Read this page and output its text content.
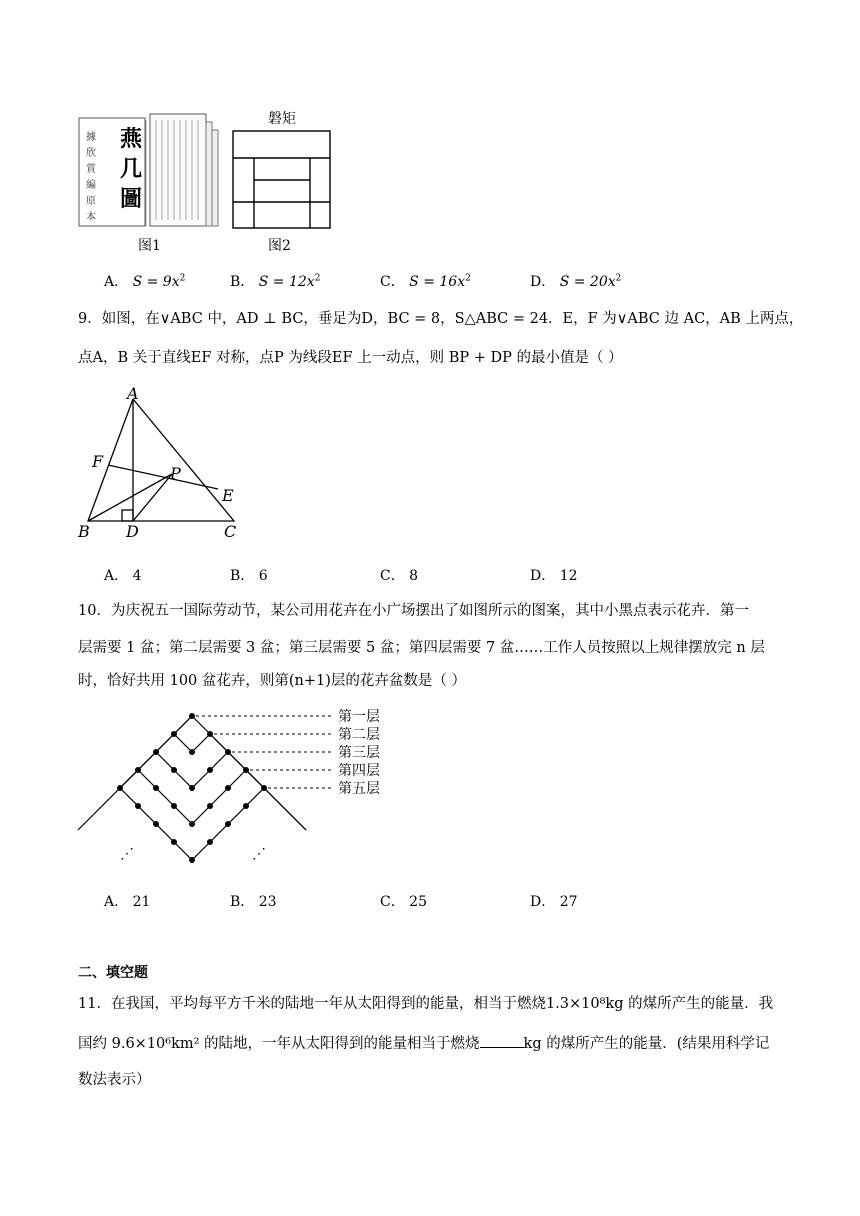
燕
几
圖
據
欣
賞
編
原
本
图1
磐矩
图2
A． $S = 9x^2$	B． $S = 12x^2$	C． $S = 16x^2$	D． $S = 20x^2$
9．如图，在∨ABC 中，AD ⊥ BC，垂足为D，BC = 8，S△ABC = 24．E，F 为∨ABC 边 AC，AB 上两点，
点A，B 关于直线EF 对称，点P 为线段EF 上一动点，则 BP + DP 的最小值是（ ）
A
B	C
D
E
F
P
A． 4	B． 6	C． 8	D． 12
10．为庆祝五一国际劳动节，某公司用花卉在小广场摆出了如图所示的图案，其中小黑点表示花卉．第一
层需要 1 盆；第二层需要 3 盆；第三层需要 5 盆；第四层需要 7 盆……工作人员按照以上规律摆放完 n 层
时，恰好共用 100 盆花卉，则第(n+1)层的花卉盆数是（ ）
第一层
第二层
第三层
第四层
第五层
⋰	⋰
A． 21	B． 23	C． 25	D． 27
二、填空题
11．在我国，平均每平方千米的陆地一年从太阳得到的能量，相当于燃烧1.3×10⁸kg 的煤所产生的能量．我
国约 9.6×10⁶km² 的陆地，一年从太阳得到的能量相当于燃烧	kg 的煤所产生的能量．(结果用科学记
数法表示）
